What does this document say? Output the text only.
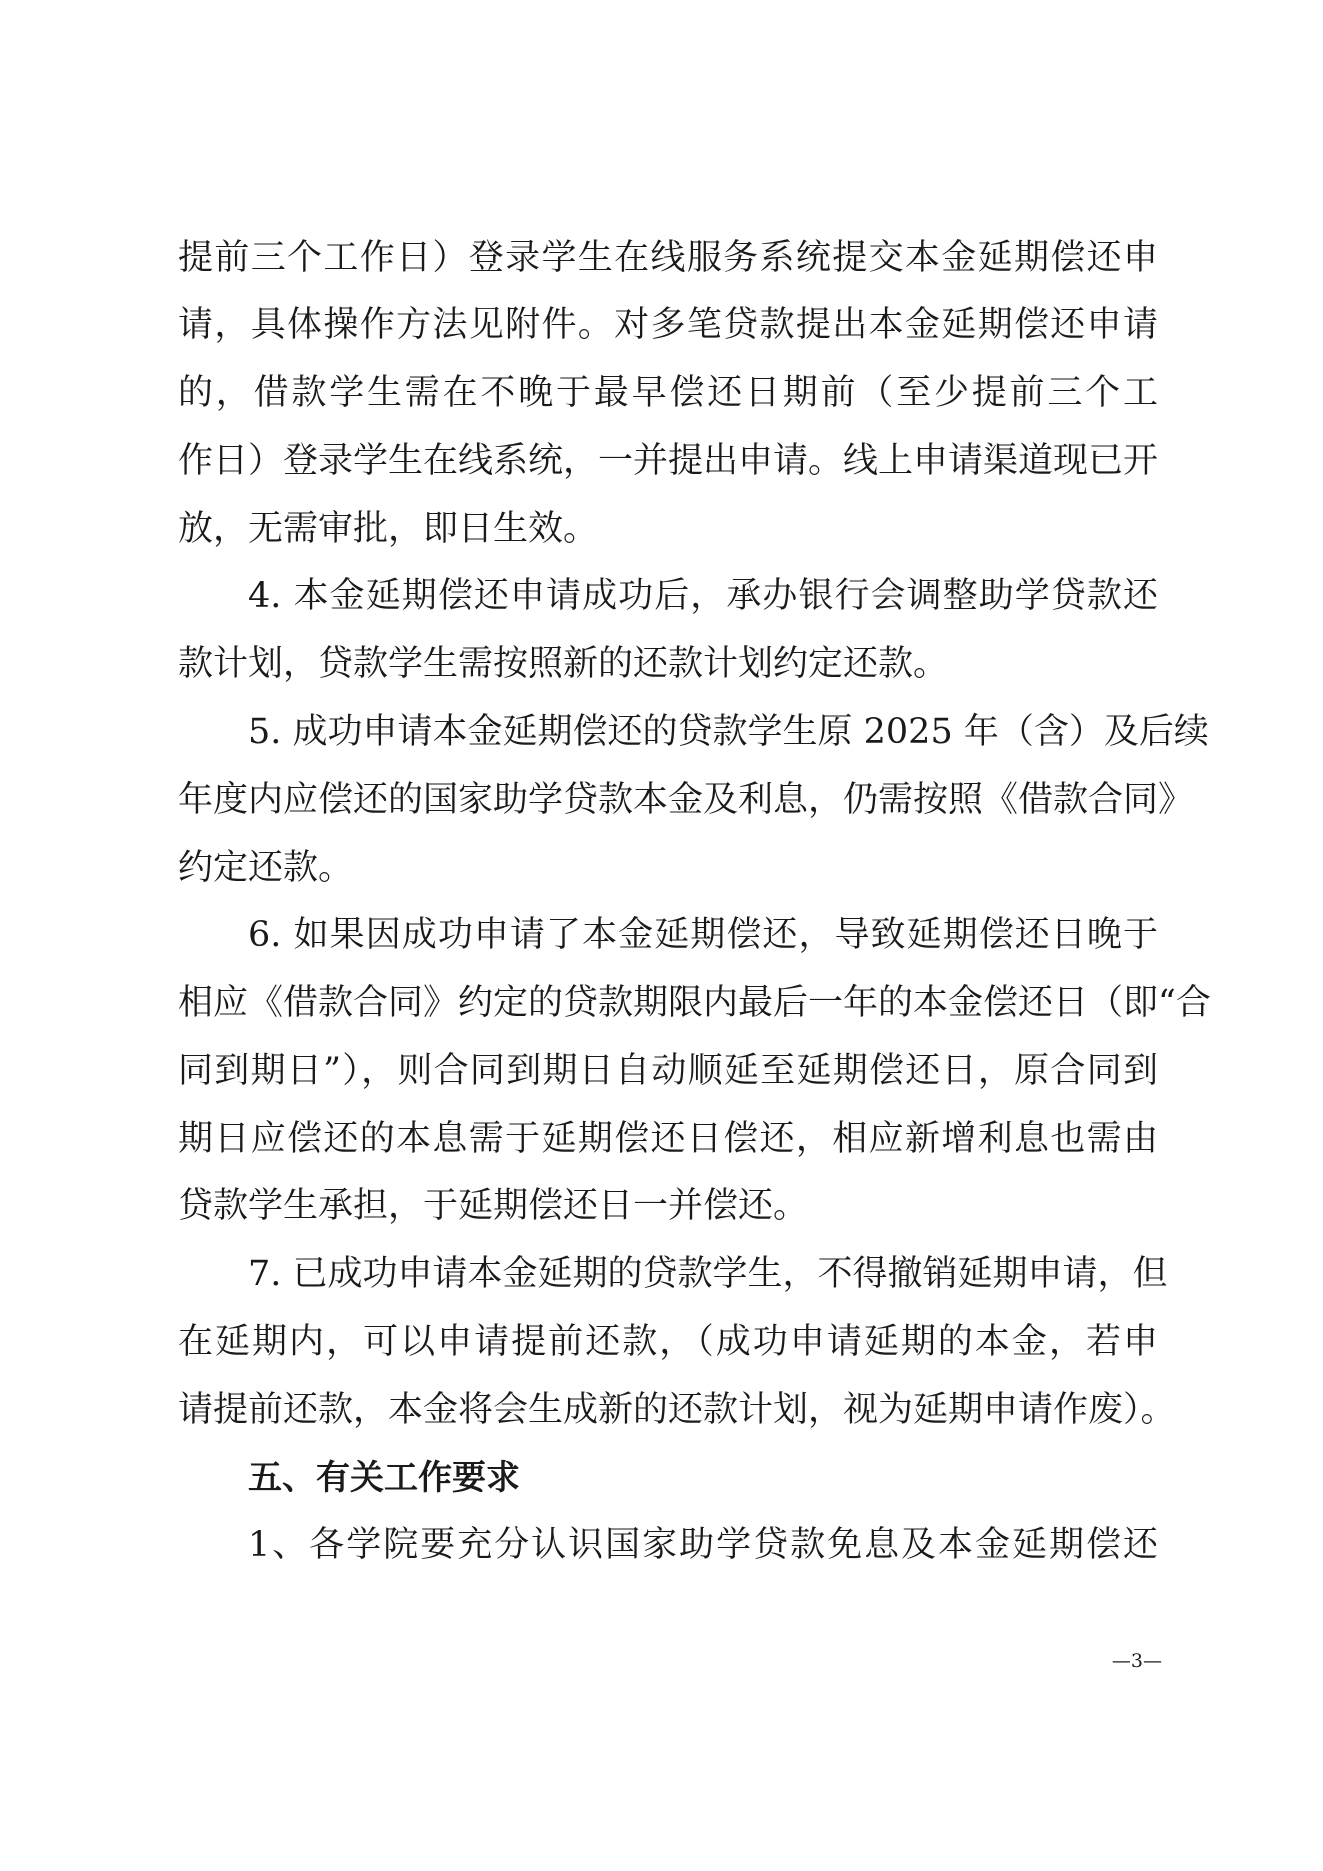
提前三个工作日）登录学生在线服务系统提交本金延期偿还申
请，具体操作方法见附件。对多笔贷款提出本金延期偿还申请
的，借款学生需在不晚于最早偿还日期前（至少提前三个工
作日）登录学生在线系统，一并提出申请。线上申请渠道现已开
放，无需审批，即日生效。
4. 本金延期偿还申请成功后，承办银行会调整助学贷款还
款计划，贷款学生需按照新的还款计划约定还款。
5. 成功申请本金延期偿还的贷款学生原 2025 年（含）及后续
年度内应偿还的国家助学贷款本金及利息，仍需按照《借款合同》
约定还款。
6. 如果因成功申请了本金延期偿还，导致延期偿还日晚于
相应《借款合同》约定的贷款期限内最后一年的本金偿还日（即“合
同到期日”），则合同到期日自动顺延至延期偿还日，原合同到
期日应偿还的本息需于延期偿还日偿还，相应新增利息也需由
贷款学生承担，于延期偿还日一并偿还。
7. 已成功申请本金延期的贷款学生，不得撤销延期申请，但
在延期内，可以申请提前还款，（成功申请延期的本金，若申
请提前还款，本金将会生成新的还款计划，视为延期申请作废）。
五、有关工作要求
1、各学院要充分认识国家助学贷款免息及本金延期偿还
—3—
